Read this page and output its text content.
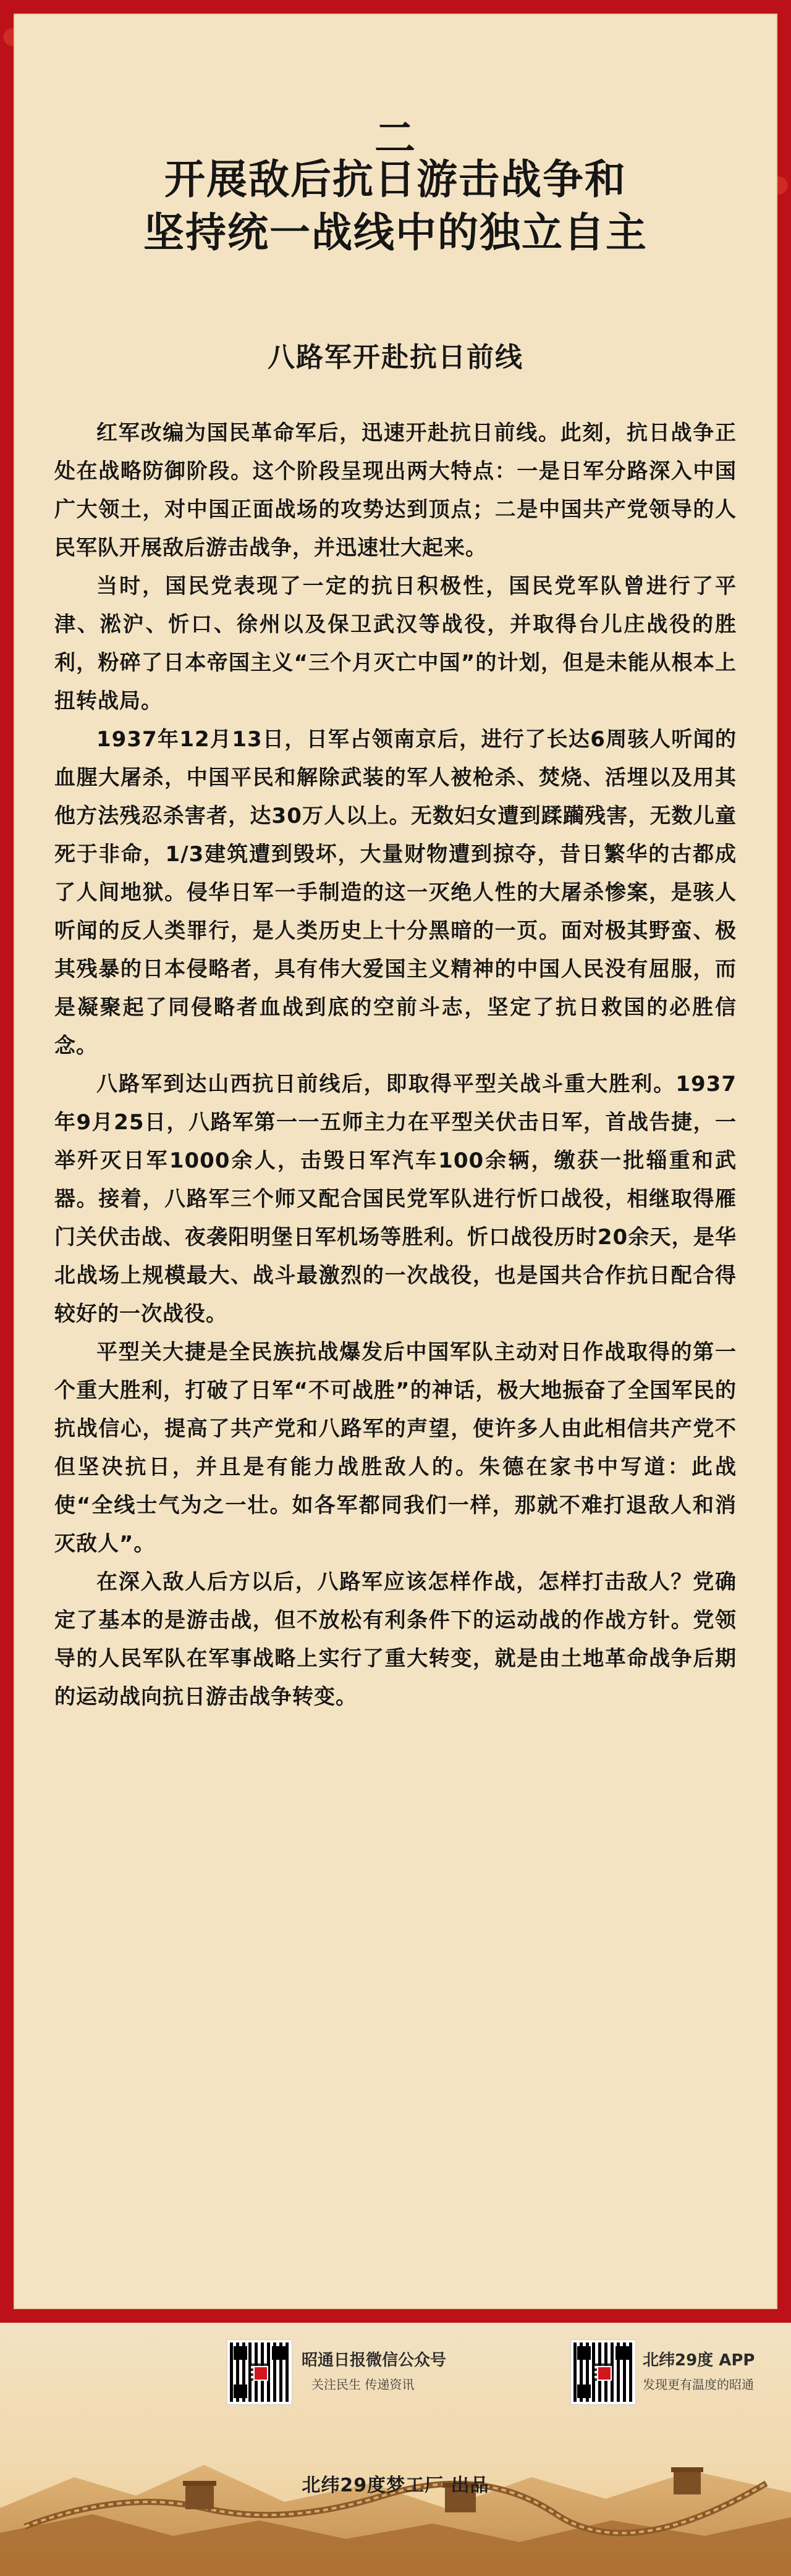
二
开展敌后抗日游击战争和
坚持统一战线中的独立自主
八路军开赴抗日前线

红军改编为国民革命军后，迅速开赴抗日前线。此刻，抗日战争正处在战略防御阶段。这个阶段呈现出两大特点：一是日军分路深入中国广大领土，对中国正面战场的攻势达到顶点；二是中国共产党领导的人民军队开展敌后游击战争，并迅速壮大起来。

当时，国民党表现了一定的抗日积极性，国民党军队曾进行了平津、淞沪、忻口、徐州以及保卫武汉等战役，并取得台儿庄战役的胜利，粉碎了日本帝国主义“三个月灭亡中国”的计划，但是未能从根本上扭转战局。

1937年12月13日，日军占领南京后，进行了长达6周骇人听闻的血腥大屠杀，中国平民和解除武装的军人被枪杀、焚烧、活埋以及用其他方法残忍杀害者，达30万人以上。无数妇女遭到蹂躏残害，无数儿童死于非命，1/3建筑遭到毁坏，大量财物遭到掠夺，昔日繁华的古都成了人间地狱。侵华日军一手制造的这一灭绝人性的大屠杀惨案，是骇人听闻的反人类罪行，是人类历史上十分黑暗的一页。面对极其野蛮、极其残暴的日本侵略者，具有伟大爱国主义精神的中国人民没有屈服，而是凝聚起了同侵略者血战到底的空前斗志，坚定了抗日救国的必胜信念。

八路军到达山西抗日前线后，即取得平型关战斗重大胜利。1937年9月25日，八路军第一一五师主力在平型关伏击日军，首战告捷，一举歼灭日军1000余人，击毁日军汽车100余辆，缴获一批辎重和武器。接着，八路军三个师又配合国民党军队进行忻口战役，相继取得雁门关伏击战、夜袭阳明堡日军机场等胜利。忻口战役历时20余天，是华北战场上规模最大、战斗最激烈的一次战役，也是国共合作抗日配合得较好的一次战役。

平型关大捷是全民族抗战爆发后中国军队主动对日作战取得的第一个重大胜利，打破了日军“不可战胜”的神话，极大地振奋了全国军民的抗战信心，提高了共产党和八路军的声望，使许多人由此相信共产党不但坚决抗日，并且是有能力战胜敌人的。朱德在家书中写道：此战使“全线士气为之一壮。如各军都同我们一样，那就不难打退敌人和消灭敌人”。

在深入敌人后方以后，八路军应该怎样作战，怎样打击敌人？党确定了基本的是游击战，但不放松有利条件下的运动战的作战方针。党领导的人民军队在军事战略上实行了重大转变，就是由土地革命战争后期的运动战向抗日游击战争转变。

昭通日报微信公众号
关注民生 传递资讯
北纬29度 APP
发现更有温度的昭通
北纬29度梦工厂 出品
